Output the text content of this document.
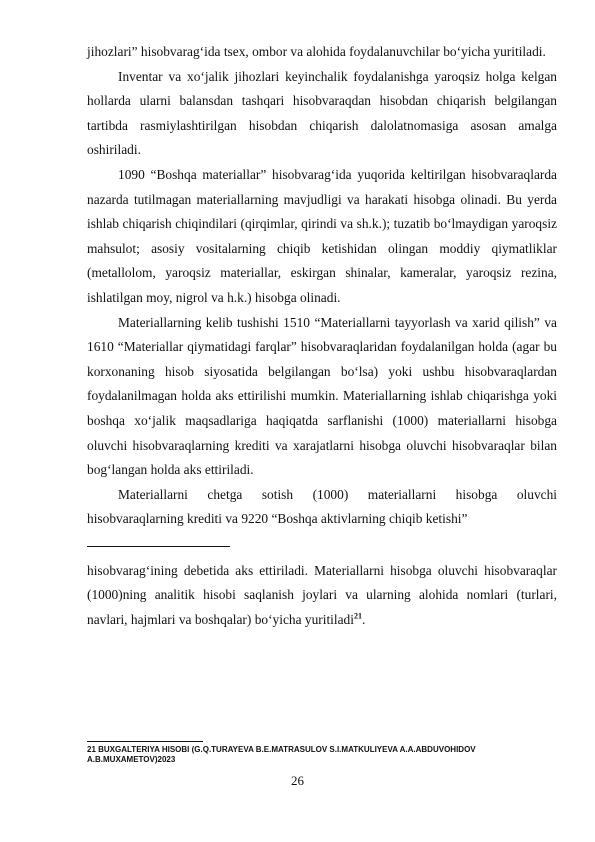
jihozlari” hisobvarag‘ida tsex, ombor va alohida foydalanuvchilar bo‘yicha yuritiladi.

Inventar va xo‘jalik jihozlari keyinchalik foydalanishga yaroqsiz holga kelgan hollarda ularni balansdan tashqari hisobvaraqdan hisobdan chiqarish belgilangan tartibda rasmiylashtirilgan hisobdan chiqarish dalolatnomasiga asosan amalga oshiriladi.

1090 “Boshqa materiallar” hisobvarag‘ida yuqorida keltirilgan hisobvaraqlarda nazarda tutilmagan materiallarning mavjudligi va harakati hisobga olinadi. Bu yerda ishlab chiqarish chiqindilari (qirqimlar, qirindi va sh.k.); tuzatib bo‘lmaydigan yaroqsiz mahsulot; asosiy vositalarning chiqib ketishidan olingan moddiy qiymatliklar (metallolom, yaroqsiz materiallar, eskirgan shinalar, kameralar, yaroqsiz rezina, ishlatilgan moy, nigrol va h.k.) hisobga olinadi.

Materiallarning kelib tushishi 1510 “Materiallarni tayyorlash va xarid qilish” va 1610 “Materiallar qiymatidagi farqlar” hisobvaraqlaridan foydalanilgan holda (agar bu korxonaning hisob siyosatida belgilangan bo‘lsa) yoki ushbu hisobvaraqlardan foydalanilmagan holda aks ettirilishi mumkin. Materiallarning ishlab chiqarishga yoki boshqa xo‘jalik maqsadlariga haqiqatda sarflanishi (1000) materiallarni hisobga oluvchi hisobvaraqlarning krediti va xarajatlarni hisobga oluvchi hisobvaraqlar bilan bog‘langan holda aks ettiriladi.

Materiallarni chetga sotish (1000) materiallarni hisobga oluvchi hisobvaraqlarning krediti va 9220 “Boshqa aktivlarning chiqib ketishi”

hisobvarag‘ining debetida aks ettiriladi. Materiallarni hisobga oluvchi hisobvaraqlar (1000)ning analitik hisobi saqlanish joylari va ularning alohida nomlari (turlari, navlari, hajmlari va boshqalar) bo‘yicha yuritiladi$^{21}$.

21 BUXGALTERIYA HISOBI (G.Q.TURAYEVA B.E.MATRASULOV S.I.MATKULIYEVA A.A.ABDUVOHIDOV A.B.MUXAMETOV)2023
26
